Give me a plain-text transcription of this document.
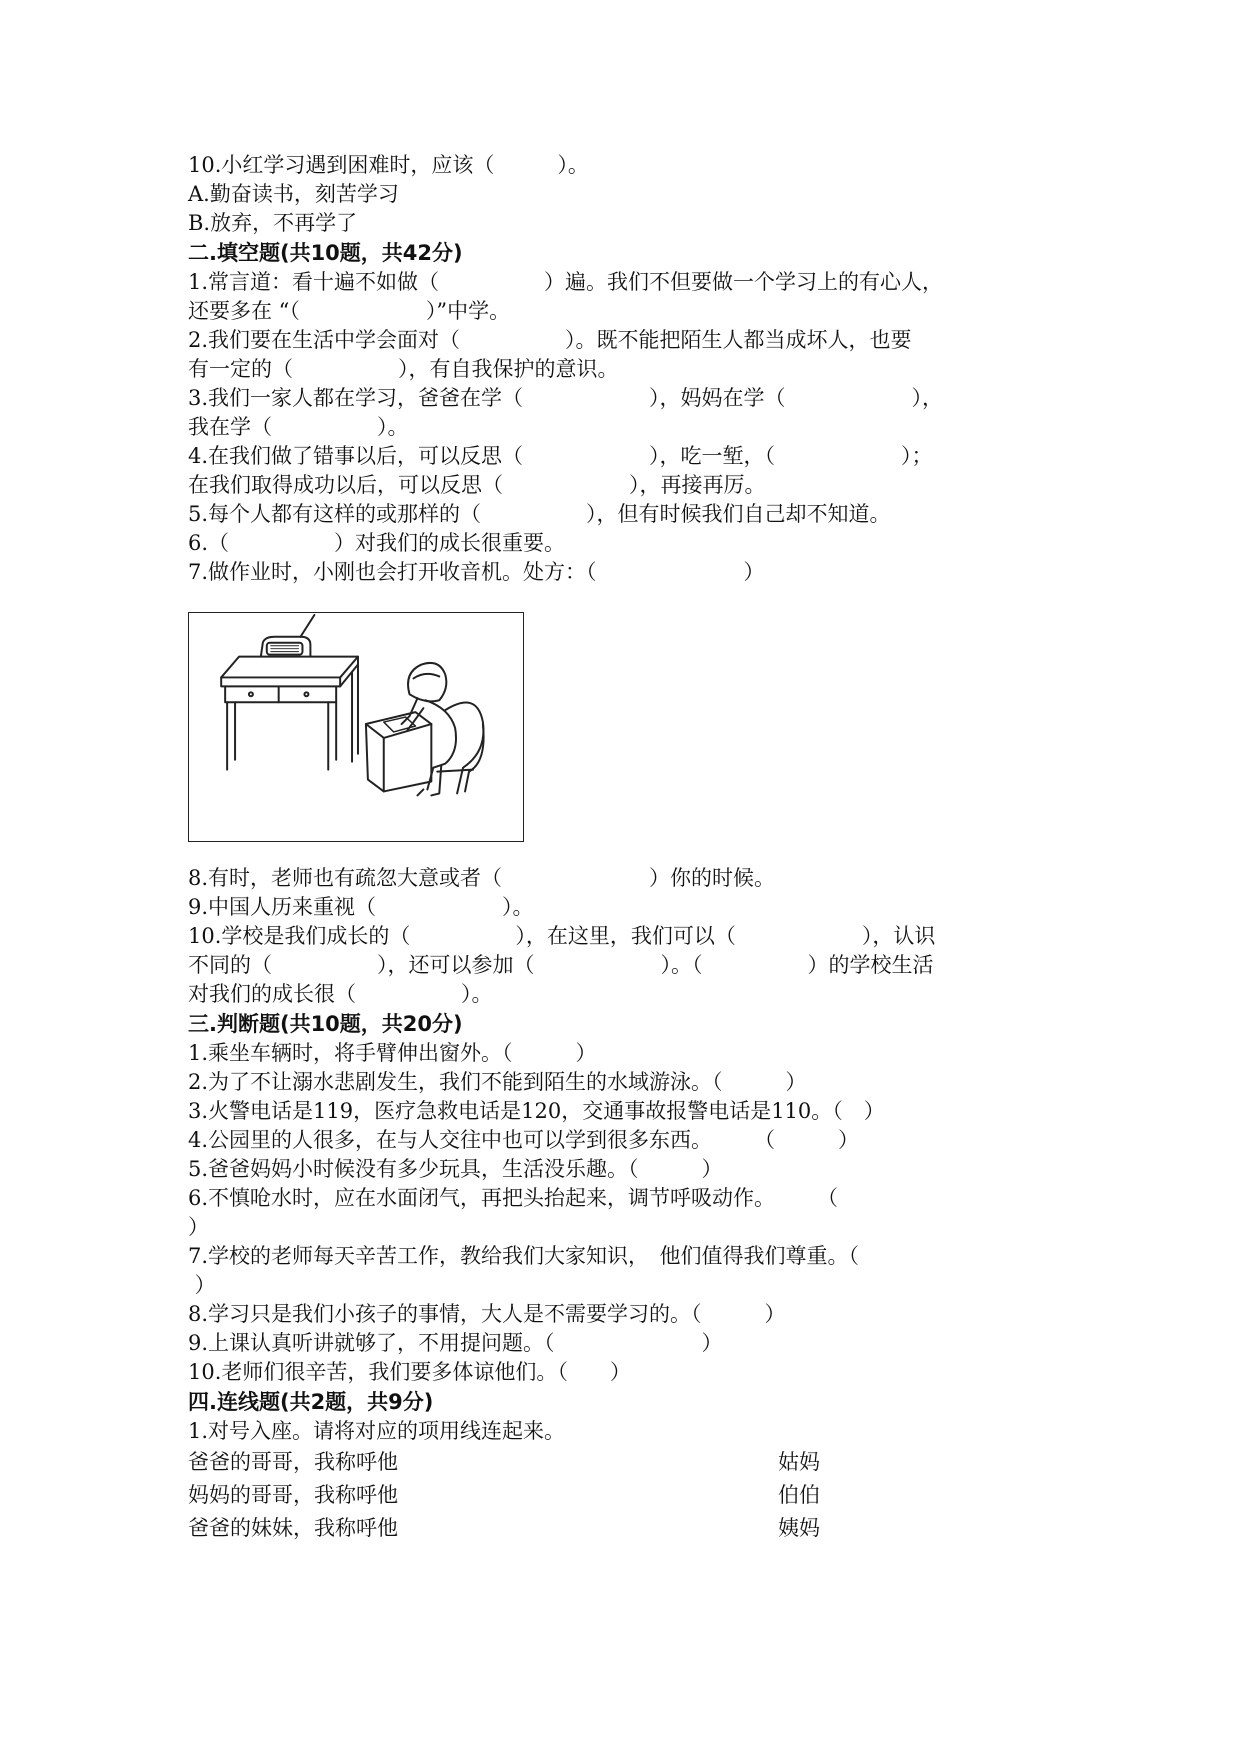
10.小红学习遇到困难时，应该（　　　）。

A.勤奋读书，刻苦学习

B.放弃，不再学了

二.填空题(共10题，共42分)

1.常言道：看十遍不如做（　　　　　）遍。我们不但要做一个学习上的有心人，

还要多在 “（　　　　　　）”中学。

2.我们要在生活中学会面对（　　　　　）。既不能把陌生人都当成坏人，也要

有一定的（　　　　　），有自我保护的意识。

3.我们一家人都在学习，爸爸在学（　　　　　　），妈妈在学（　　　　　　），

我在学（　　　　　）。

4.在我们做了错事以后，可以反思（　　　　　　），吃一堑，（　　　　　　）；

在我们取得成功以后，可以反思（　　　　　　），再接再厉。

5.每个人都有这样的或那样的（　　　　　），但有时候我们自己却不知道。

6.（　　　　　）对我们的成长很重要。

7.做作业时，小刚也会打开收音机。处方：（　　　　　　　）

8.有时，老师也有疏忽大意或者（　　　　　　　）你的时候。

9.中国人历来重视（　　　　　　）。

10.学校是我们成长的（　　　　　），在这里，我们可以（　　　　　　），认识

不同的（　　　　　），还可以参加（　　　　　　）。（　　　　　）的学校生活

对我们的成长很（　　　　　）。

三.判断题(共10题，共20分)

1.乘坐车辆时，将手臂伸出窗外。（　　　）

2.为了不让溺水悲剧发生，我们不能到陌生的水域游泳。（　　　）

3.火警电话是119，医疗急救电话是120，交通事故报警电话是110。（　）

4.公园里的人很多，在与人交往中也可以学到很多东西。　　　（　　　）

5.爸爸妈妈小时候没有多少玩具，生活没乐趣。（　　　）

6.不慎呛水时，应在水面闭气，再把头抬起来，调节呼吸动作。　　　（

）

7.学校的老师每天辛苦工作，教给我们大家知识，　他们值得我们尊重。（

）

8.学习只是我们小孩子的事情，大人是不需要学习的。（　　　）

9.上课认真听讲就够了，不用提问题。（　　　　　　　）

10.老师们很辛苦，我们要多体谅他们。（　　）

四.连线题(共2题，共9分)

1.对号入座。请将对应的项用线连起来。

爸爸的哥哥，我称呼他	姑妈
妈妈的哥哥，我称呼他	伯伯
爸爸的妹妹，我称呼他	姨妈
